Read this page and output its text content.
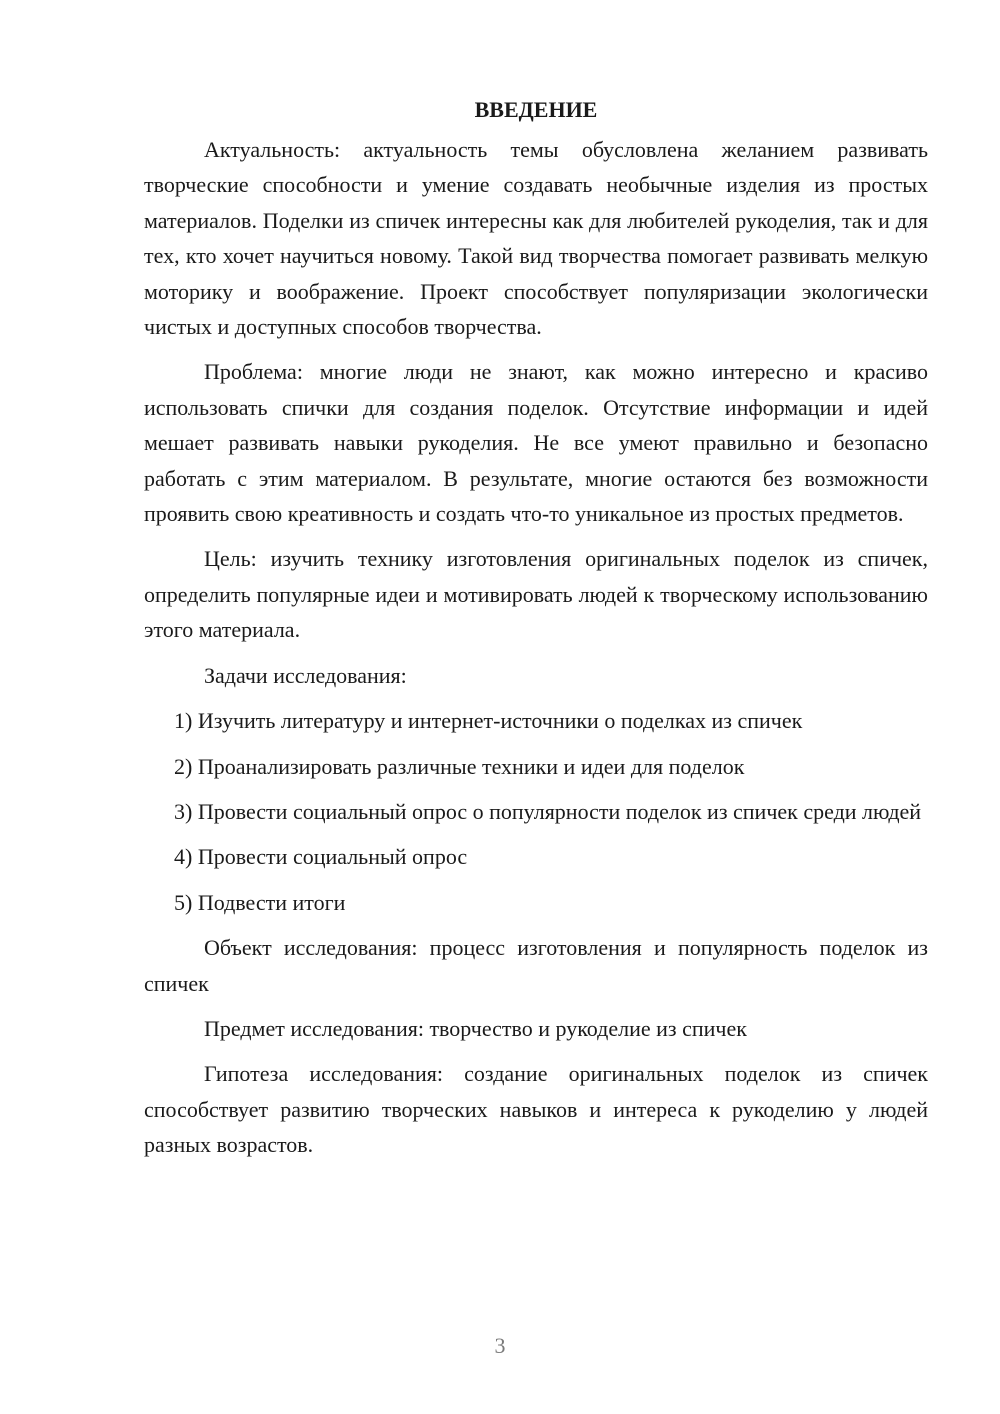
ВВЕДЕНИЕ

Актуальность: актуальность темы обусловлена желанием развивать творческие способности и умение создавать необычные изделия из простых материалов. Поделки из спичек интересны как для любителей рукоделия, так и для тех, кто хочет научиться новому. Такой вид творчества помогает развивать мелкую моторику и воображение. Проект способствует популяризации экологически чистых и доступных способов творчества.

Проблема: многие люди не знают, как можно интересно и красиво использовать спички для создания поделок. Отсутствие информации и идей мешает развивать навыки рукоделия. Не все умеют правильно и безопасно работать с этим материалом. В результате, многие остаются без возможности проявить свою креативность и создать что-то уникальное из простых предметов.

Цель: изучить технику изготовления оригинальных поделок из спичек, определить популярные идеи и мотивировать людей к творческому использованию этого материала.

Задачи исследования:

1) Изучить литературу и интернет-источники о поделках из спичек

2) Проанализировать различные техники и идеи для поделок

3) Провести социальный опрос о популярности поделок из спичек среди людей

4) Провести социальный опрос

5) Подвести итоги

Объект исследования: процесс изготовления и популярность поделок из спичек

Предмет исследования: творчество и рукоделие из спичек

Гипотеза исследования: создание оригинальных поделок из спичек способствует развитию творческих навыков и интереса к рукоделию у людей разных возрастов.

3
